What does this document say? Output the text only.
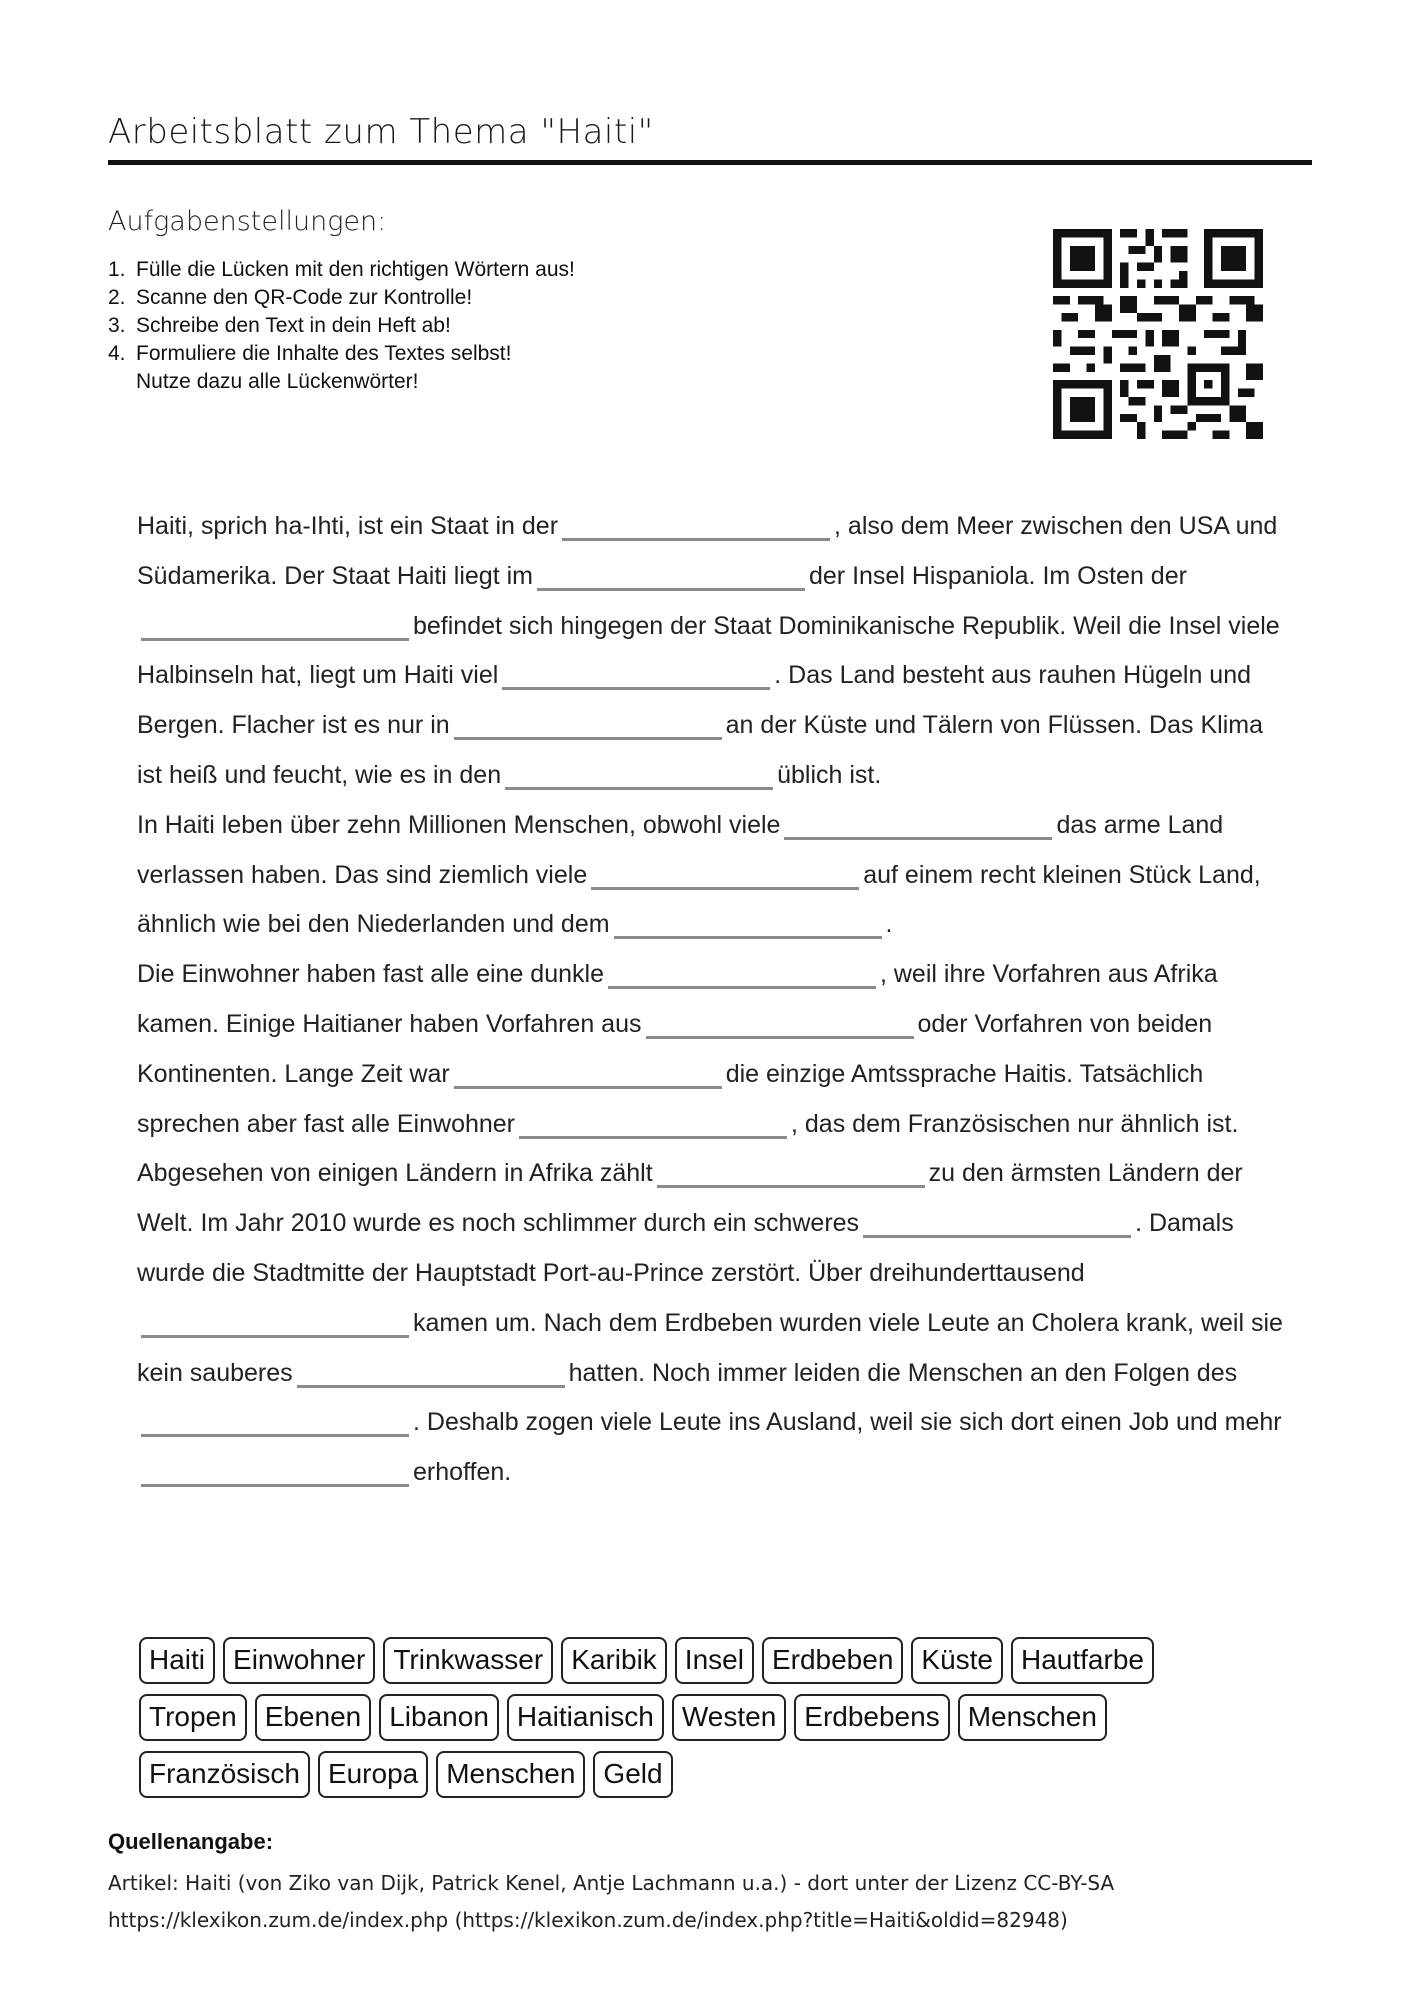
Arbeitsblatt zum Thema "Haiti"
Aufgabenstellungen:
1. Fülle die Lücken mit den richtigen Wörtern aus!
2. Scanne den QR-Code zur Kontrolle!
3. Schreibe den Text in dein Heft ab!
4. Formuliere die Inhalte des Textes selbst!
Nutze dazu alle Lückenwörter!

Haiti, sprich ha-Ihti, ist ein Staat in der	, also dem Meer zwischen den USA und Südamerika. Der Staat Haiti liegt im	der Insel Hispaniola. Im Osten derbefindet sich hingegen der Staat Dominikanische Republik. Weil die Insel viele Halbinseln hat, liegt um Haiti viel	. Das Land besteht aus rauhen Hügeln und Bergen. Flacher ist es nur in	an der Küste und Tälern von Flüssen. Das Klima ist heiß und feucht, wie es in den	üblich ist.

In Haiti leben über zehn Millionen Menschen, obwohl viele	das arme Land verlassen haben. Das sind ziemlich viele	auf einem recht kleinen Stück Land, ähnlich wie bei den Niederlanden und dem	.

Die Einwohner haben fast alle eine dunkle	, weil ihre Vorfahren aus Afrika kamen. Einige Haitianer haben Vorfahren aus	oder Vorfahren von beiden Kontinenten. Lange Zeit war	die einzige Amtssprache Haitis. Tatsächlich sprechen aber fast alle Einwohner	, das dem Französischen nur ähnlich ist.

Abgesehen von einigen Ländern in Afrika zählt	zu den ärmsten Ländern der Welt. Im Jahr 2010 wurde es noch schlimmer durch ein schweres	. Damals wurde die Stadtmitte der Hauptstadt Port-au-Prince zerstört. Über dreihunderttausendkamen um. Nach dem Erdbeben wurden viele Leute an Cholera krank, weil sie kein sauberes	hatten. Noch immer leiden die Menschen an den Folgen des. Deshalb zogen viele Leute ins Ausland, weil sie sich dort einen Job und mehrerhoffen.

Haiti	Einwohner	Trinkwasser	Karibik	Insel	Erdbeben	Küste	Hautfarbe
Tropen	Ebenen	Libanon	Haitianisch	Westen	Erdbebens	Menschen
Französisch	Europa	Menschen	Geld
Quellenangabe:
Artikel: Haiti (von Ziko van Dijk, Patrick Kenel, Antje Lachmann u.a.) - dort unter der Lizenz CC-BY-SA
https://klexikon.zum.de/index.php (https://klexikon.zum.de/index.php?title=Haiti&oldid=82948)
